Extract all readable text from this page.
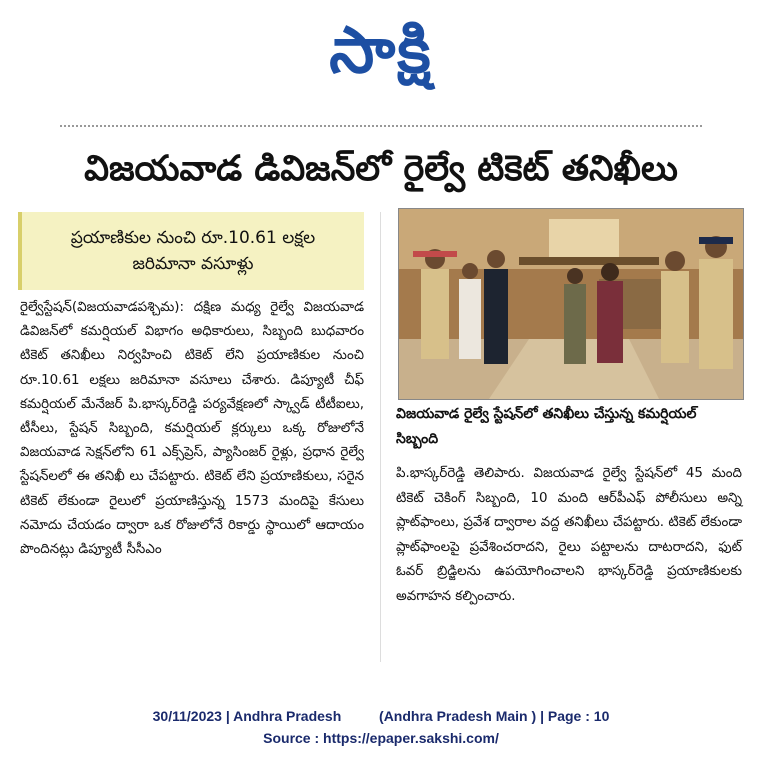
సాక్షి
విజయవాడ డివిజన్‌లో రైల్వే టికెట్ తనిఖీలు
ప్రయాణికుల నుంచి రూ.10.61 లక్షల
జరిమానా వసూళ్లు

రైల్వేస్టేషన్(విజయవాడపశ్చిమ): దక్షిణ మధ్య రైల్వే విజయవాడ డివిజన్‌లో కమర్షియల్ విభాగం అధికారులు, సిబ్బంది బుధవారం టికెట్ తనిఖీలు నిర్వహించి టికెట్ లేని ప్రయాణికుల నుంచి రూ.10.61 లక్షలు జరిమానా వసూలు చేశారు. డిప్యూటీ చీఫ్ కమర్షియల్ మేనేజర్ పి.భాస్కర్‌రెడ్డి పర్యవేక్షణలో స్క్వాడ్ టీటీఐలు, టీసీలు, స్టేషన్ సిబ్బంది, కమర్షియల్ క్లర్కులు ఒక్క రోజులోనే విజయవాడ సెక్షన్‌లోని 61 ఎక్స్‌ప్రెస్, ప్యాసింజర్ రైళ్లు, ప్రధాన రైల్వే స్టేషన్‌లలో ఈ తనిఖీ లు చేపట్టారు. టికెట్ లేని ప్రయాణికులు, సరైన టికెట్ లేకుండా రైలులో ప్రయాణిస్తున్న 1573 మందిపై కేసులు నమోదు చేయడం ద్వారా ఒక రోజులోనే రికార్డు స్థాయిలో ఆదాయం పొందినట్లు డిప్యూటీ సీసీఎం

విజయవాడ రైల్వే స్టేషన్‌లో తనిఖీలు చేస్తున్న కమర్షియల్ సిబ్బంది

పి.భాస్కర్‌రెడ్డి తెలిపారు. విజయవాడ రైల్వే స్టేషన్‌లో 45 మంది టికెట్ చెకింగ్ సిబ్బంది, 10 మంది ఆర్‌పీఎఫ్ పోలీసులు అన్ని ప్లాట్‌ఫాంలు, ప్రవేశ ద్వారాల వద్ద తనిఖీలు చేపట్టారు. టికెట్ లేకుండా ప్లాట్‌ఫాంలపై ప్రవేశించరాదని, రైలు పట్టాలను దాటరాదని, ఫుట్ ఓవర్ బ్రిడ్జిలను ఉపయోగించాలని భాస్కర్‌రెడ్డి ప్రయాణికులకు అవగాహన కల్పించారు.

30/11/2023 | Andhra Pradesh	(Andhra Pradesh Main ) | Page : 10
Source : https://epaper.sakshi.com/
